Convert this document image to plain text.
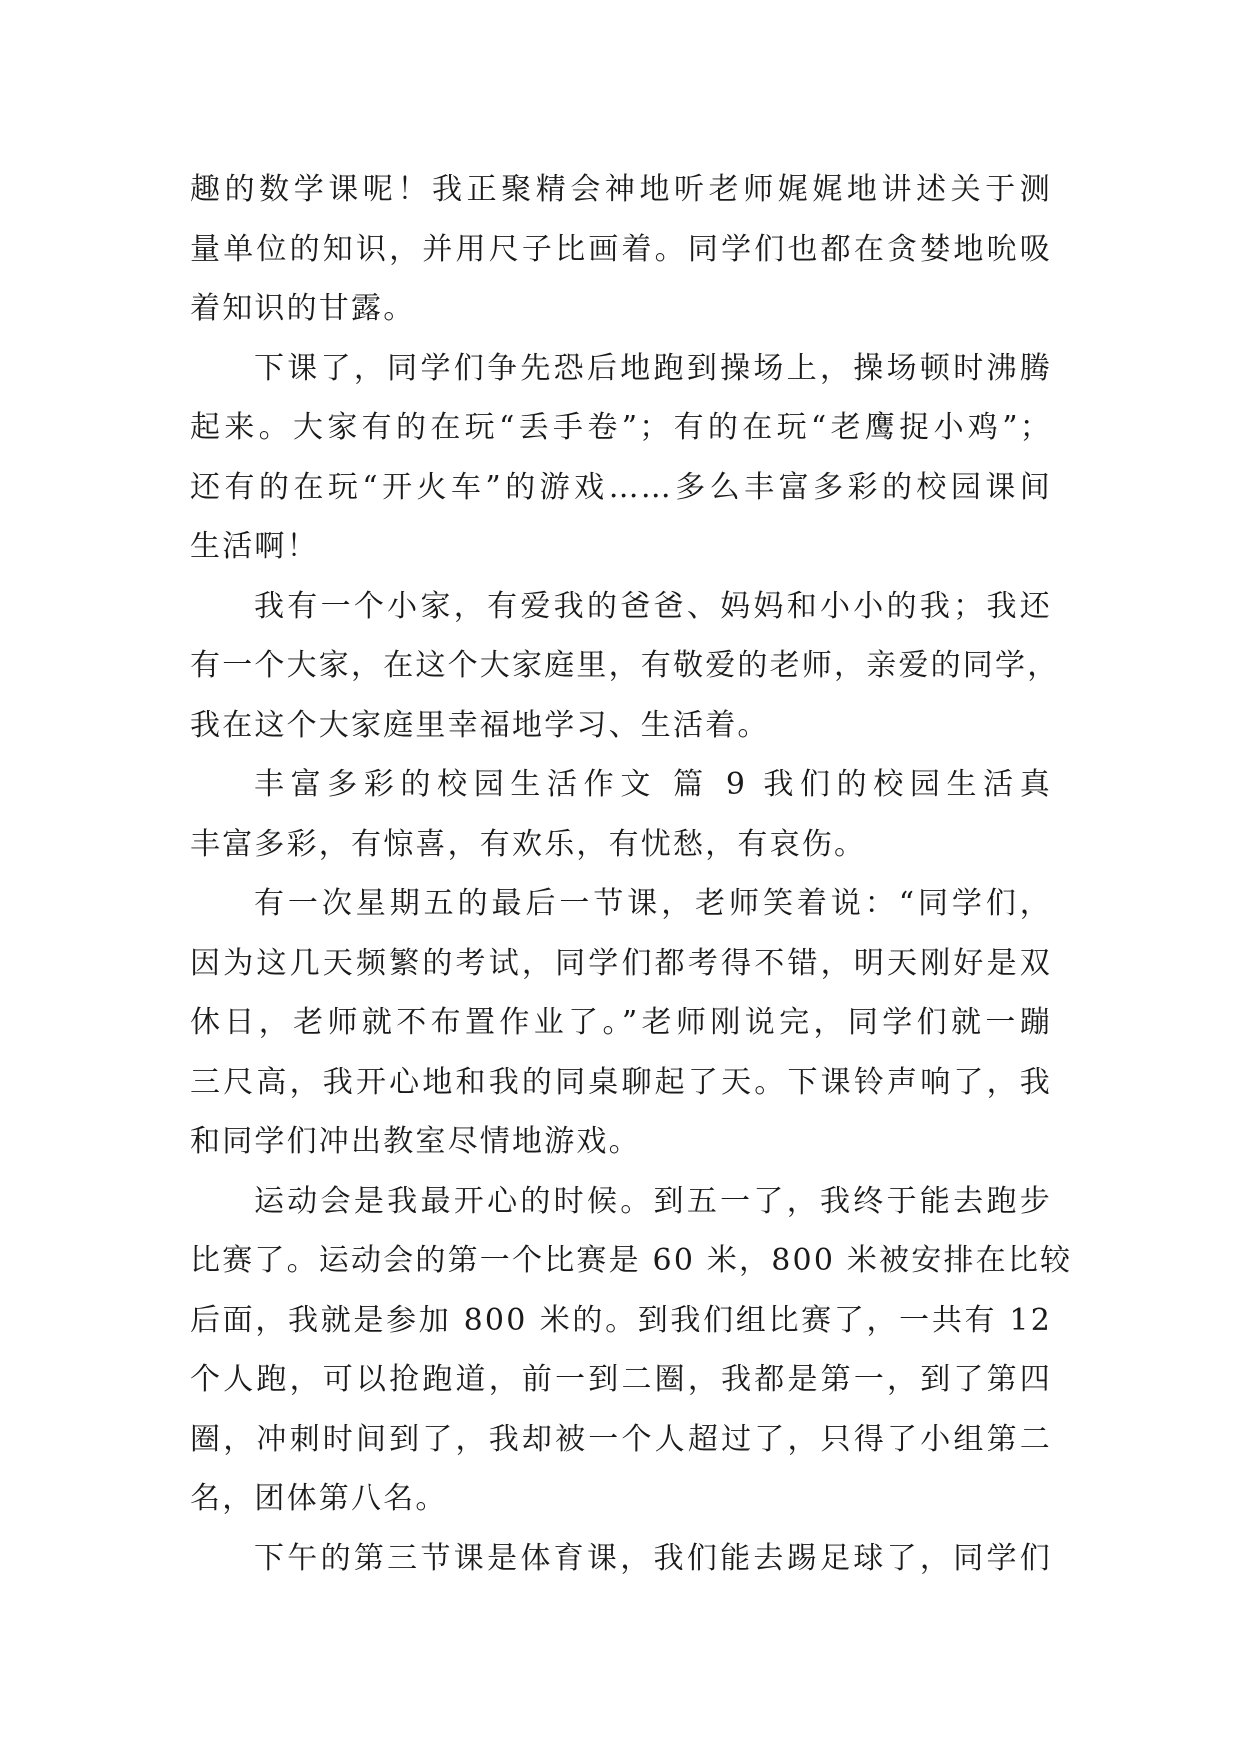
趣的数学课呢！我正聚精会神地听老师娓娓地讲述关于测
量单位的知识，并用尺子比画着。同学们也都在贪婪地吮吸
着知识的甘露。
下课了，同学们争先恐后地跑到操场上，操场顿时沸腾
起来。大家有的在玩“丢手卷”；有的在玩“老鹰捉小鸡”；
还有的在玩“开火车”的游戏……多么丰富多彩的校园课间
生活啊！
我有一个小家，有爱我的爸爸、妈妈和小小的我；我还
有一个大家，在这个大家庭里，有敬爱的老师，亲爱的同学，
我在这个大家庭里幸福地学习、生活着。
丰富多彩的校园生活作文 篇 9 我们的校园生活真
丰富多彩，有惊喜，有欢乐，有忧愁，有哀伤。
有一次星期五的最后一节课，老师笑着说：“同学们，
因为这几天频繁的考试，同学们都考得不错，明天刚好是双
休日，老师就不布置作业了。”老师刚说完，同学们就一蹦
三尺高，我开心地和我的同桌聊起了天。下课铃声响了，我
和同学们冲出教室尽情地游戏。
运动会是我最开心的时候。到五一了，我终于能去跑步
比赛了。运动会的第一个比赛是 60 米，800 米被安排在比较
后面，我就是参加 800 米的。到我们组比赛了，一共有 12
个人跑，可以抢跑道，前一到二圈，我都是第一，到了第四
圈，冲刺时间到了，我却被一个人超过了，只得了小组第二
名，团体第八名。
下午的第三节课是体育课，我们能去踢足球了，同学们
